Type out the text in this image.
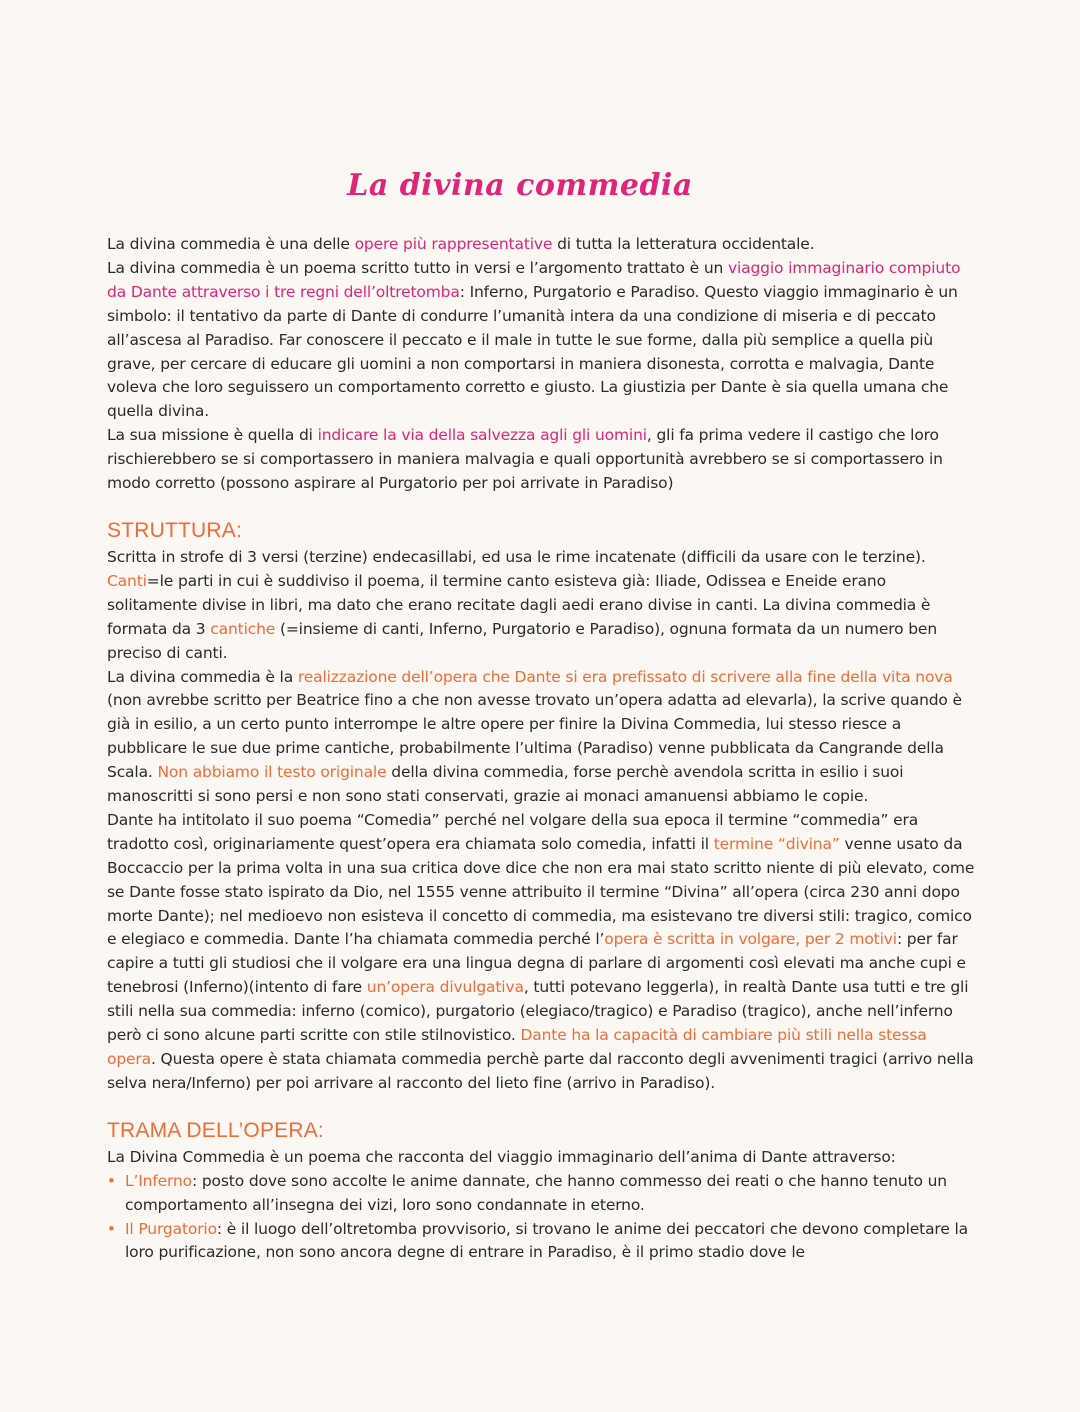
La divina commedia

La divina commedia è una delle opere più rappresentative di tutta la letteratura occidentale.

La divina commedia è un poema scritto tutto in versi e l’argomento trattato è un viaggio immaginario compiuto da Dante attraverso i tre regni dell’oltretomba: Inferno, Purgatorio e Paradiso. Questo viaggio immaginario è un simbolo: il tentativo da parte di Dante di condurre l’umanità intera da una condizione di miseria e di peccato all’ascesa al Paradiso. Far conoscere il peccato e il male in tutte le sue forme, dalla più semplice a quella più grave, per cercare di educare gli uomini a non comportarsi in maniera disonesta, corrotta e malvagia, Dante voleva che loro seguissero un comportamento corretto e giusto. La giustizia per Dante è sia quella umana che quella divina.

La sua missione è quella di indicare la via della salvezza agli gli uomini, gli fa prima vedere il castigo che loro rischierebbero se si comportassero in maniera malvagia e quali opportunità avrebbero se si comportassero in modo corretto (possono aspirare al Purgatorio per poi arrivate in Paradiso)

STRUTTURA:

Scritta in strofe di 3 versi (terzine) endecasillabi, ed usa le rime incatenate (difficili da usare con le terzine).

Canti=le parti in cui è suddiviso il poema, il termine canto esisteva già: Iliade, Odissea e Eneide erano solitamente divise in libri, ma dato che erano recitate dagli aedi erano divise in canti. La divina commedia è formata da 3 cantiche (=insieme di canti, Inferno, Purgatorio e Paradiso), ognuna formata da un numero ben preciso di canti.

La divina commedia è la realizzazione dell’opera che Dante si era prefissato di scrivere alla fine della vita nova (non avrebbe scritto per Beatrice fino a che non avesse trovato un’opera adatta ad elevarla), la scrive quando è già in esilio, a un certo punto interrompe le altre opere per finire la Divina Commedia, lui stesso riesce a pubblicare le sue due prime cantiche, probabilmente l’ultima (Paradiso) venne pubblicata da Cangrande della Scala. Non abbiamo il testo originale della divina commedia, forse perchè avendola scritta in esilio i suoi manoscritti si sono persi e non sono stati conservati, grazie ai monaci amanuensi abbiamo le copie.

Dante ha intitolato il suo poema “Comedia” perché nel volgare della sua epoca il termine “commedia” era tradotto così, originariamente quest’opera era chiamata solo comedia, infatti il termine “divina” venne usato da Boccaccio per la prima volta in una sua critica dove dice che non era mai stato scritto niente di più elevato, come se Dante fosse stato ispirato da Dio, nel 1555 venne attribuito il termine “Divina” all’opera (circa 230 anni dopo morte Dante); nel medioevo non esisteva il concetto di commedia, ma esistevano tre diversi stili: tragico, comico e elegiaco e commedia. Dante l’ha chiamata commedia perché l’opera è scritta in volgare, per 2 motivi: per far capire a tutti gli studiosi che il volgare era una lingua degna di parlare di argomenti così elevati ma anche cupi e tenebrosi (Inferno)(intento di fare un’opera divulgativa, tutti potevano leggerla), in realtà Dante usa tutti e tre gli stili nella sua commedia: inferno (comico), purgatorio (elegiaco/tragico) e Paradiso (tragico), anche nell’inferno però ci sono alcune parti scritte con stile stilnovistico. Dante ha la capacità di cambiare più stili nella stessa opera. Questa opere è stata chiamata commedia perchè parte dal racconto degli avvenimenti tragici (arrivo nella selva nera/Inferno) per poi arrivare al racconto del lieto fine (arrivo in Paradiso).

TRAMA DELL’OPERA:

La Divina Commedia è un poema che racconta del viaggio immaginario dell’anima di Dante attraverso:

• L’Inferno: posto dove sono accolte le anime dannate, che hanno commesso dei reati o che hanno tenuto un comportamento all’insegna dei vizi, loro sono condannate in eterno.
• Il Purgatorio: è il luogo dell’oltretomba provvisorio, si trovano le anime dei peccatori che devono completare la loro purificazione, non sono ancora degne di entrare in Paradiso, è il primo stadio dove le
